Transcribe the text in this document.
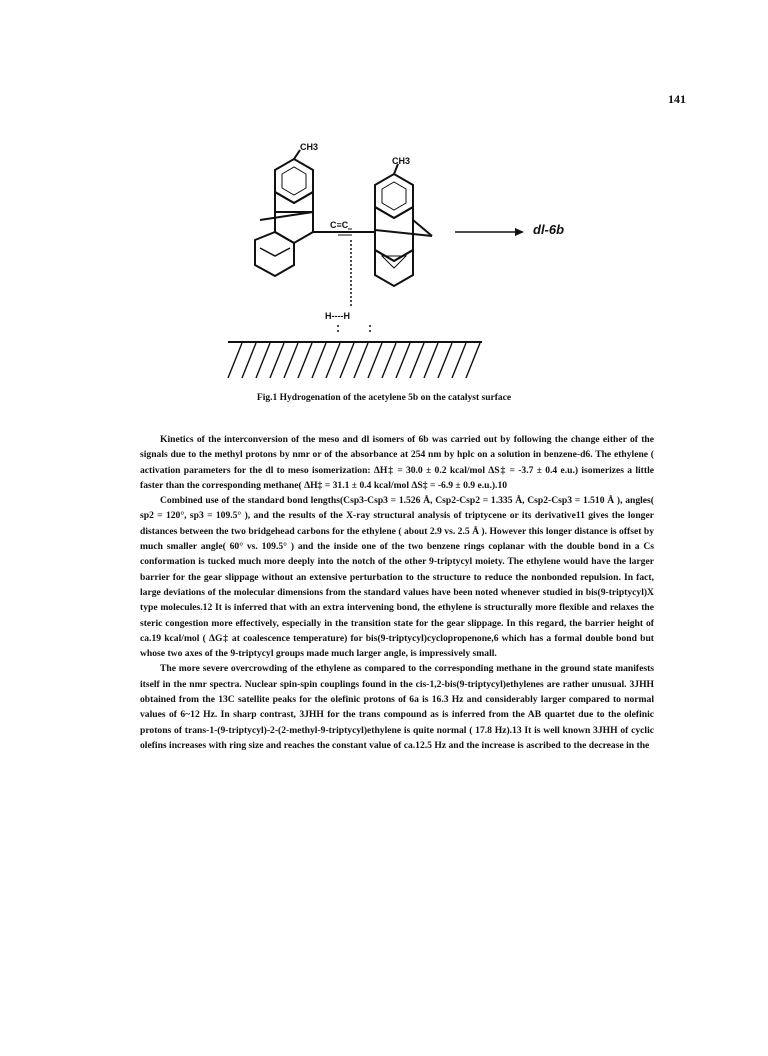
141
CH3
CH3
C≡C
H----H
dl-6b
Fig.1 Hydrogenation of the acetylene 5b on the catalyst surface

Kinetics of the interconversion of the meso and dl isomers of 6b was carried out by following the change either of the signals due to the methyl protons by nmr or of the absorbance at 254 nm by hplc on a solution in benzene-d6. The ethylene ( activation parameters for the dl to meso isomerization: ΔH‡ = 30.0 ± 0.2 kcal/mol ΔS‡ = -3.7 ± 0.4 e.u.) isomerizes a little faster than the corresponding methane( ΔH‡ = 31.1 ± 0.4 kcal/mol ΔS‡ = -6.9 ± 0.9 e.u.).10

Combined use of the standard bond lengths(Csp3-Csp3 = 1.526 Å, Csp2-Csp2 = 1.335 Å, Csp2-Csp3 = 1.510 Å ), angles( sp2 = 120°, sp3 = 109.5° ), and the results of the X-ray structural analysis of triptycene or its derivative11 gives the longer distances between the two bridgehead carbons for the ethylene ( about 2.9 vs. 2.5 Å ). However this longer distance is offset by much smaller angle( 60° vs. 109.5° ) and the inside one of the two benzene rings coplanar with the double bond in a Cs conformation is tucked much more deeply into the notch of the other 9-triptycyl moiety. The ethylene would have the larger barrier for the gear slippage without an extensive perturbation to the structure to reduce the nonbonded repulsion. In fact, large deviations of the molecular dimensions from the standard values have been noted whenever studied in bis(9-triptycyl)X type molecules.12 It is inferred that with an extra intervening bond, the ethylene is structurally more flexible and relaxes the steric congestion more effectively, especially in the transition state for the gear slippage. In this regard, the barrier height of ca.19 kcal/mol ( ΔG‡ at coalescence temperature) for bis(9-triptycyl)cyclopropenone,6 which has a formal double bond but whose two axes of the 9-triptycyl groups made much larger angle, is impressively small.

The more severe overcrowding of the ethylene as compared to the corresponding methane in the ground state manifests itself in the nmr spectra. Nuclear spin-spin couplings found in the cis-1,2-bis(9-triptycyl)ethylenes are rather unusual. 3JHH obtained from the 13C satellite peaks for the olefinic protons of 6a is 16.3 Hz and considerably larger compared to normal values of 6~12 Hz. In sharp contrast, 3JHH for the trans compound as is inferred from the AB quartet due to the olefinic protons of trans-1-(9-triptycyl)-2-(2-methyl-9-triptycyl)ethylene is quite normal ( 17.8 Hz).13 It is well known 3JHH of cyclic olefins increases with ring size and reaches the constant value of ca.12.5 Hz and the increase is ascribed to the decrease in the
